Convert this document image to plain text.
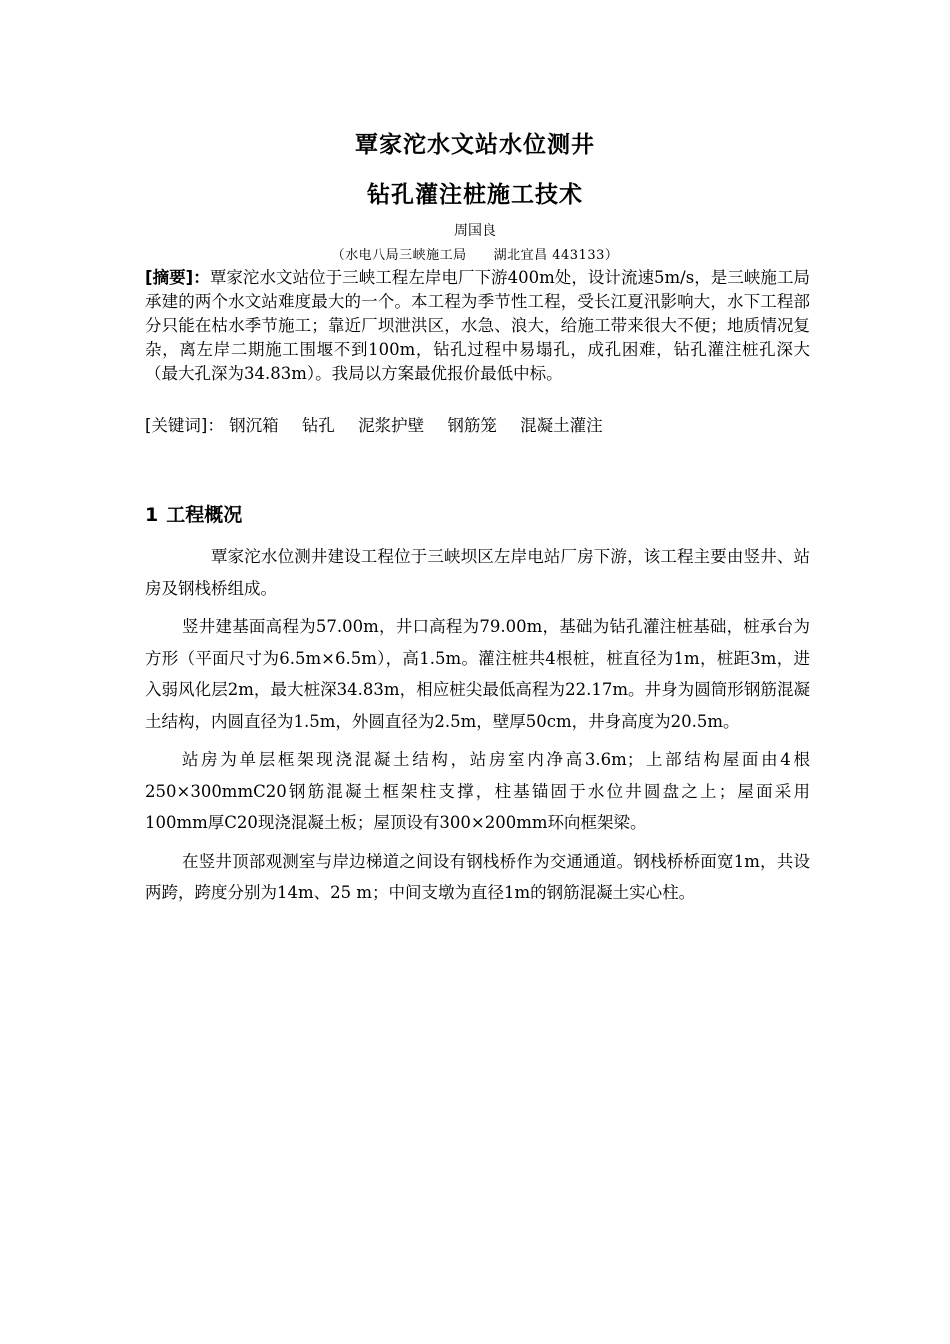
覃家沱水文站水位测井
钻孔灌注桩施工技术
周国良
（水电八局三峡施工局　　湖北宜昌 443133）
[摘要]：覃家沱水文站位于三峡工程左岸电厂下游400m处，设计流速5m/s，是三峡施工局承建的两个水文站难度最大的一个。本工程为季节性工程，受长江夏汛影响大，水下工程部分只能在枯水季节施工；靠近厂坝泄洪区，水急、浪大，给施工带来很大不便；地质情况复杂，离左岸二期施工围堰不到100m，钻孔过程中易塌孔，成孔困难，钻孔灌注桩孔深大（最大孔深为34.83m）。我局以方案最优报价最低中标。
[关键词]： 钢沉箱 钻孔 泥浆护壁 钢筋笼 混凝土灌注
1 工程概况

覃家沱水位测井建设工程位于三峡坝区左岸电站厂房下游，该工程主要由竖井、站房及钢栈桥组成。

竖井建基面高程为57.00m，井口高程为79.00m，基础为钻孔灌注桩基础，桩承台为方形（平面尺寸为6.5m×6.5m），高1.5m。灌注桩共4根桩，桩直径为1m，桩距3m，进入弱风化层2m，最大桩深34.83m，相应桩尖最低高程为22.17m。井身为圆筒形钢筋混凝土结构，内圆直径为1.5m，外圆直径为2.5m，壁厚50cm，井身高度为20.5m。

站房为单层框架现浇混凝土结构，站房室内净高3.6m；上部结构屋面由4根250×300mmC20钢筋混凝土框架柱支撑，柱基锚固于水位井圆盘之上；屋面采用100mm厚C20现浇混凝土板；屋顶设有300×200mm环向框架梁。

在竖井顶部观测室与岸边梯道之间设有钢栈桥作为交通通道。钢栈桥桥面宽1m，共设两跨，跨度分别为14m、25 m；中间支墩为直径1m的钢筋混凝土实心柱。
